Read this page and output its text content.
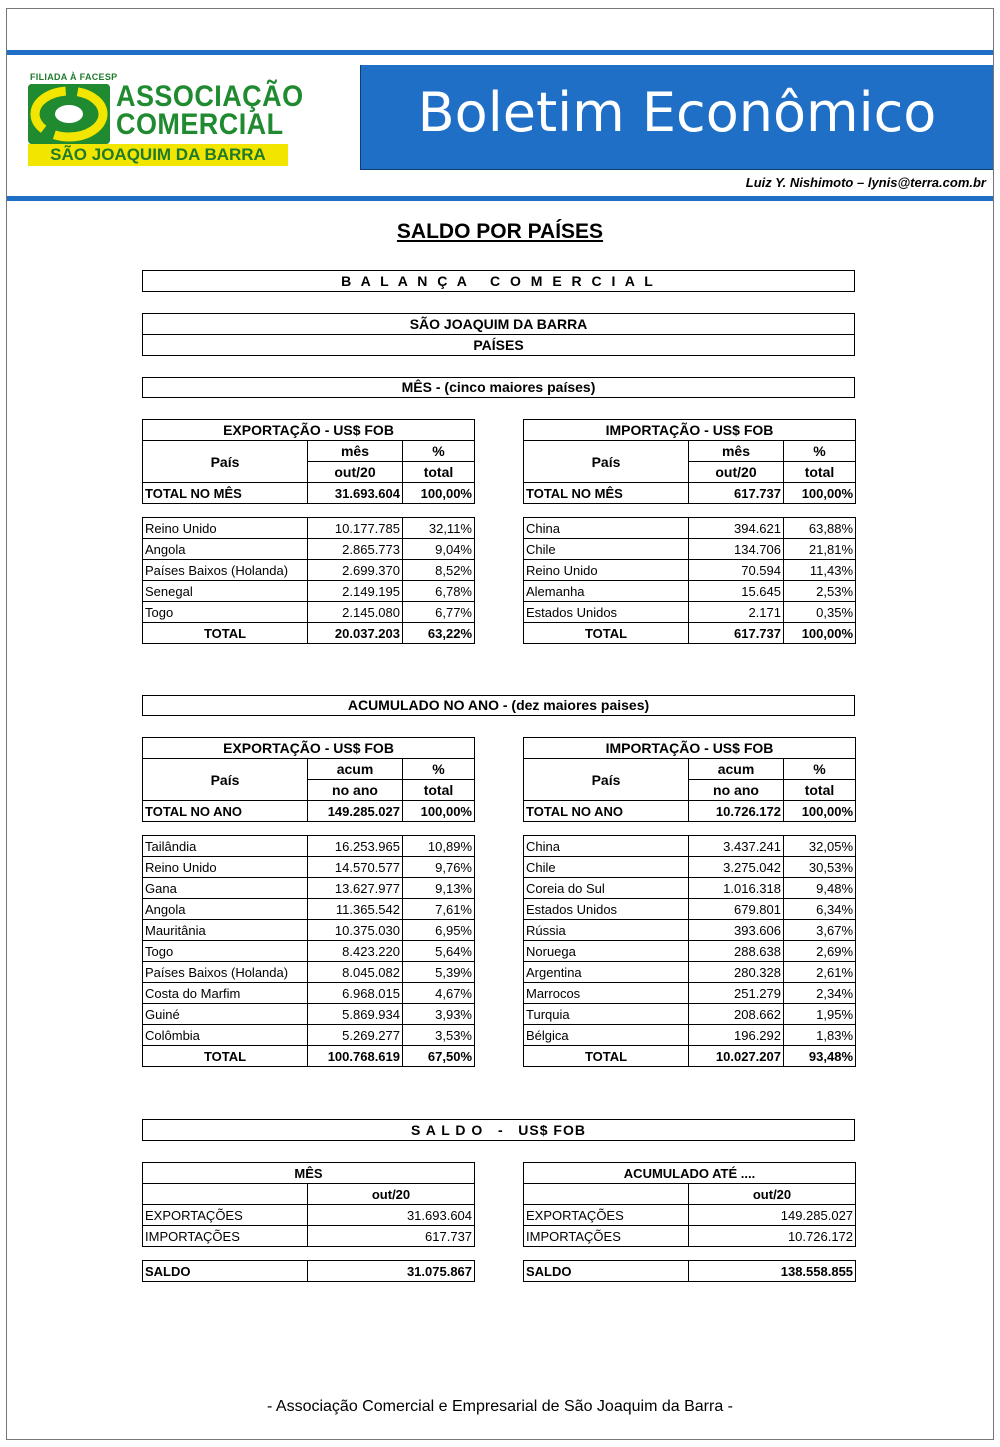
FILIADA À FACESP
ASSOCIAÇÃO
COMERCIAL
SÃO JOAQUIM DA BARRA
Boletim Econômico
Luiz Y. Nishimoto – lynis@terra.com.br
SALDO POR PAÍSES
B A L A N Ç A   C O M E R C I A L
SÃO JOAQUIM DA BARRA
PAÍSES
MÊS - (cinco maiores países)
EXPORTAÇÃO - US$ FOB		
País	mês	%
	out/20	total
TOTAL NO MÊS	31.693.604	100,00%

Reino Unido	10.177.785	32,11%
Angola	2.865.773	9,04%
Países Baixos (Holanda)	2.699.370	8,52%
Senegal	2.149.195	6,78%
Togo	2.145.080	6,77%
TOTAL	20.037.203	63,22%
IMPORTAÇÃO - US$ FOB		
País	mês	%
	out/20	total
TOTAL NO MÊS	617.737	100,00%

China	394.621	63,88%
Chile	134.706	21,81%
Reino Unido	70.594	11,43%
Alemanha	15.645	2,53%
Estados Unidos	2.171	0,35%
TOTAL	617.737	100,00%
ACUMULADO NO ANO - (dez maiores paises)
EXPORTAÇÃO - US$ FOB		
País	acum	%
	no ano	total
TOTAL NO ANO	149.285.027	100,00%

Tailândia	16.253.965	10,89%
Reino Unido	14.570.577	9,76%
Gana	13.627.977	9,13%
Angola	11.365.542	7,61%
Mauritânia	10.375.030	6,95%
Togo	8.423.220	5,64%
Países Baixos (Holanda)	8.045.082	5,39%
Costa do Marfim	6.968.015	4,67%
Guiné	5.869.934	3,93%
Colômbia	5.269.277	3,53%
TOTAL	100.768.619	67,50%
IMPORTAÇÃO - US$ FOB		
País	acum	%
	no ano	total
TOTAL NO ANO	10.726.172	100,00%

China	3.437.241	32,05%
Chile	3.275.042	30,53%
Coreia do Sul	1.016.318	9,48%
Estados Unidos	679.801	6,34%
Rússia	393.606	3,67%
Noruega	288.638	2,69%
Argentina	280.328	2,61%
Marrocos	251.279	2,34%
Turquia	208.662	1,95%
Bélgica	196.292	1,83%
TOTAL	10.027.207	93,48%
S A L D O   -   US$ FOB
MÊS	
	out/20
EXPORTAÇÕES	31.693.604
IMPORTAÇÕES	617.737

SALDO	31.075.867
ACUMULADO ATÉ ....	
	out/20
EXPORTAÇÕES	149.285.027
IMPORTAÇÕES	10.726.172

SALDO	138.558.855
- Associação Comercial e Empresarial de São Joaquim da Barra -
